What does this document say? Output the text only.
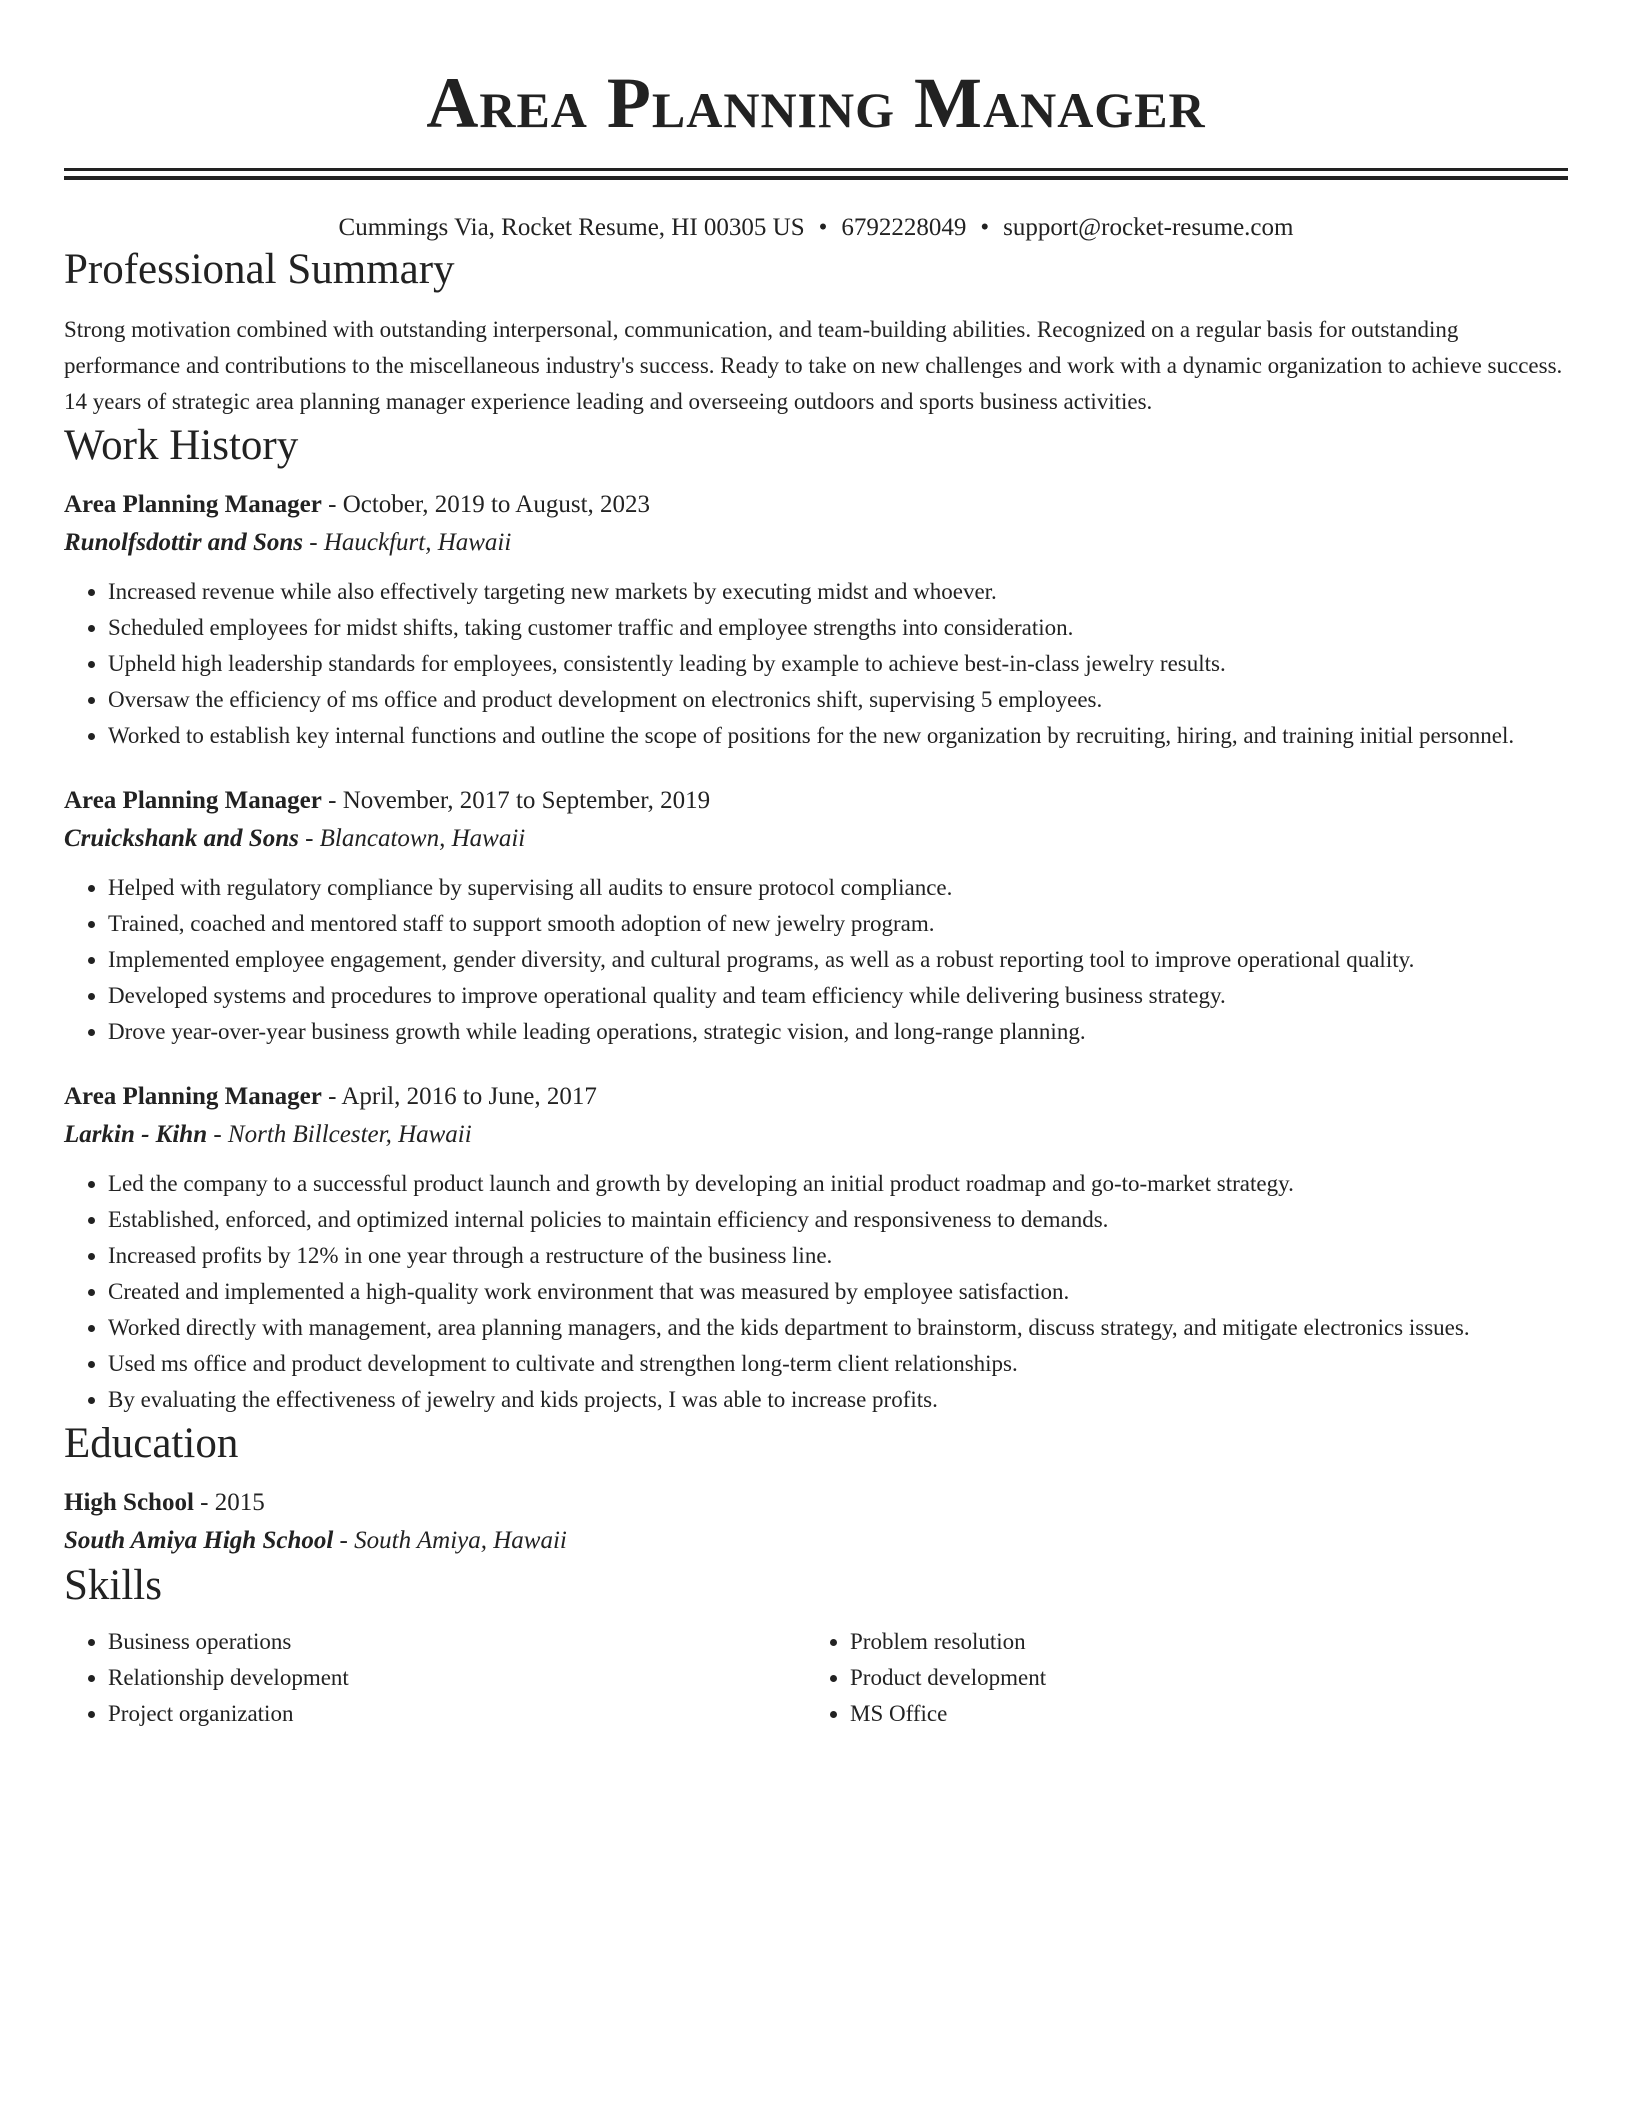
Area Planning Manager
Cummings Via, Rocket Resume, HI 00305 US • 6792228049 • support@rocket-resume.com
Professional Summary

Strong motivation combined with outstanding interpersonal, communication, and team-building abilities. Recognized on a regular basis for outstanding performance and contributions to the miscellaneous industry's success. Ready to take on new challenges and work with a dynamic organization to achieve success. 14 years of strategic area planning manager experience leading and overseeing outdoors and sports business activities.

Work History
Area Planning Manager - October, 2019 to August, 2023
Runolfsdottir and Sons - Hauckfurt, Hawaii
• Increased revenue while also effectively targeting new markets by executing midst and whoever.
• Scheduled employees for midst shifts, taking customer traffic and employee strengths into consideration.
• Upheld high leadership standards for employees, consistently leading by example to achieve best-in-class jewelry results.
• Oversaw the efficiency of ms office and product development on electronics shift, supervising 5 employees.
• Worked to establish key internal functions and outline the scope of positions for the new organization by recruiting, hiring, and training initial personnel.
Area Planning Manager - November, 2017 to September, 2019
Cruickshank and Sons - Blancatown, Hawaii
• Helped with regulatory compliance by supervising all audits to ensure protocol compliance.
• Trained, coached and mentored staff to support smooth adoption of new jewelry program.
• Implemented employee engagement, gender diversity, and cultural programs, as well as a robust reporting tool to improve operational quality.
• Developed systems and procedures to improve operational quality and team efficiency while delivering business strategy.
• Drove year-over-year business growth while leading operations, strategic vision, and long-range planning.
Area Planning Manager - April, 2016 to June, 2017
Larkin - Kihn - North Billcester, Hawaii
• Led the company to a successful product launch and growth by developing an initial product roadmap and go-to-market strategy.
• Established, enforced, and optimized internal policies to maintain efficiency and responsiveness to demands.
• Increased profits by 12% in one year through a restructure of the business line.
• Created and implemented a high-quality work environment that was measured by employee satisfaction.
• Worked directly with management, area planning managers, and the kids department to brainstorm, discuss strategy, and mitigate electronics issues.
• Used ms office and product development to cultivate and strengthen long-term client relationships.
• By evaluating the effectiveness of jewelry and kids projects, I was able to increase profits.
Education
High School - 2015
South Amiya High School - South Amiya, Hawaii
Skills
• Business operations
• Relationship development
• Project organization
• Problem resolution
• Product development
• MS Office
